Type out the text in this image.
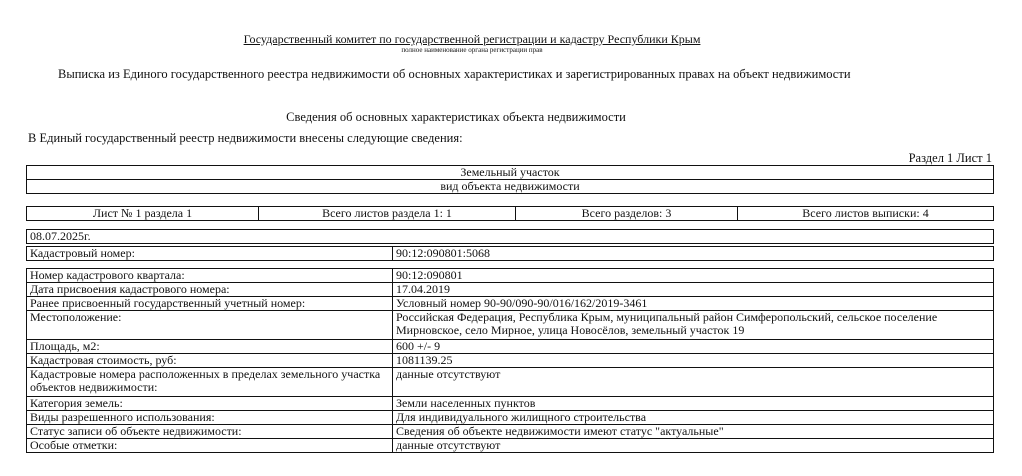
Государственный комитет по государственной регистрации и кадастру Республики Крым
полное наименование органа регистрации прав
Выписка из Единого государственного реестра недвижимости об основных характеристиках и зарегистрированных правах на объект недвижимости
Сведения об основных характеристиках объекта недвижимости
В Единый государственный реестр недвижимости внесены следующие сведения:
Раздел 1 Лист 1
Земельный участок
вид объекта недвижимости
Лист № 1 раздела 1	Всего листов раздела 1: 1	Всего разделов: 3	Всего листов выписки: 4
08.07.2025г.
Кадастровый номер:	90:12:090801:5068
Номер кадастрового квартала:	90:12:090801
Дата присвоения кадастрового номера:	17.04.2019
Ранее присвоенный государственный учетный номер:	Условный номер 90-90/090-90/016/162/2019-3461
Местоположение:	Российская Федерация, Республика Крым, муниципальный район Симферопольский, сельское поселение Мирновское, село Мирное, улица Новосёлов, земельный участок 19
Площадь, м2:	600 +/- 9
Кадастровая стоимость, руб:	1081139.25
Кадастровые номера расположенных в пределах земельного участка объектов недвижимости:	данные отсутствуют
Категория земель:	Земли населенных пунктов
Виды разрешенного использования:	Для индивидуального жилищного строительства
Статус записи об объекте недвижимости:	Сведения об объекте недвижимости имеют статус "актуальные"
Особые отметки:	данные отсутствуют
